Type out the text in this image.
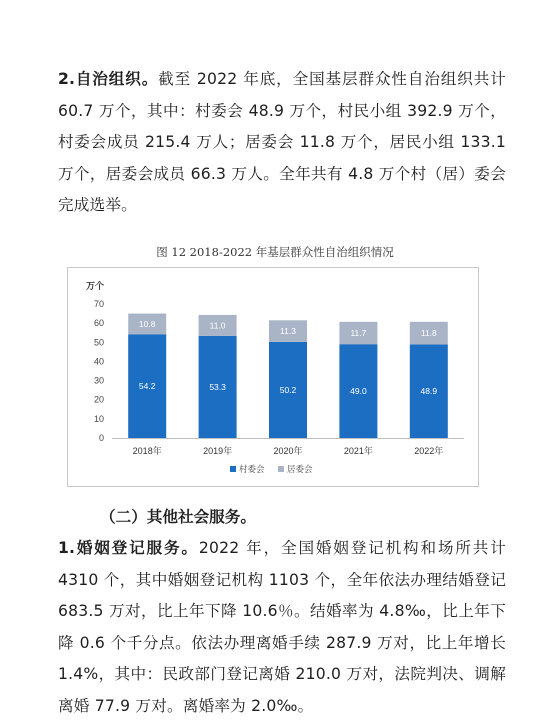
2.自治组织。截至 2022 年底，全国基层群众性自治组织共计 60.7 万个，其中：村委会 48.9 万个，村民小组 392.9 万个，村委会成员 215.4 万人；居委会 11.8 万个，居民小组 133.1 万个，居委会成员 66.3 万人。全年共有 4.8 万个村（居）委会完成选举。
图 12 2018-2022 年基层群众性自治组织情况
万个
0
10
20
30
40
50
60
70
54.2
10.8
2018年
53.3
11.0
2019年
50.2
11.3
2020年
49.0
11.7
2021年
48.9
11.8
2022年
村委会	居委会
（二）其他社会服务。
1.婚姻登记服务。2022 年，全国婚姻登记机构和场所共计 4310 个，其中婚姻登记机构 1103 个，全年依法办理结婚登记 683.5 万对，比上年下降 10.6％。结婚率为 4.8‰，比上年下降 0.6 个千分点。依法办理离婚手续 287.9 万对，比上年增长 1.4%，其中：民政部门登记离婚 210.0 万对，法院判决、调解离婚 77.9 万对。离婚率为 2.0‰。
